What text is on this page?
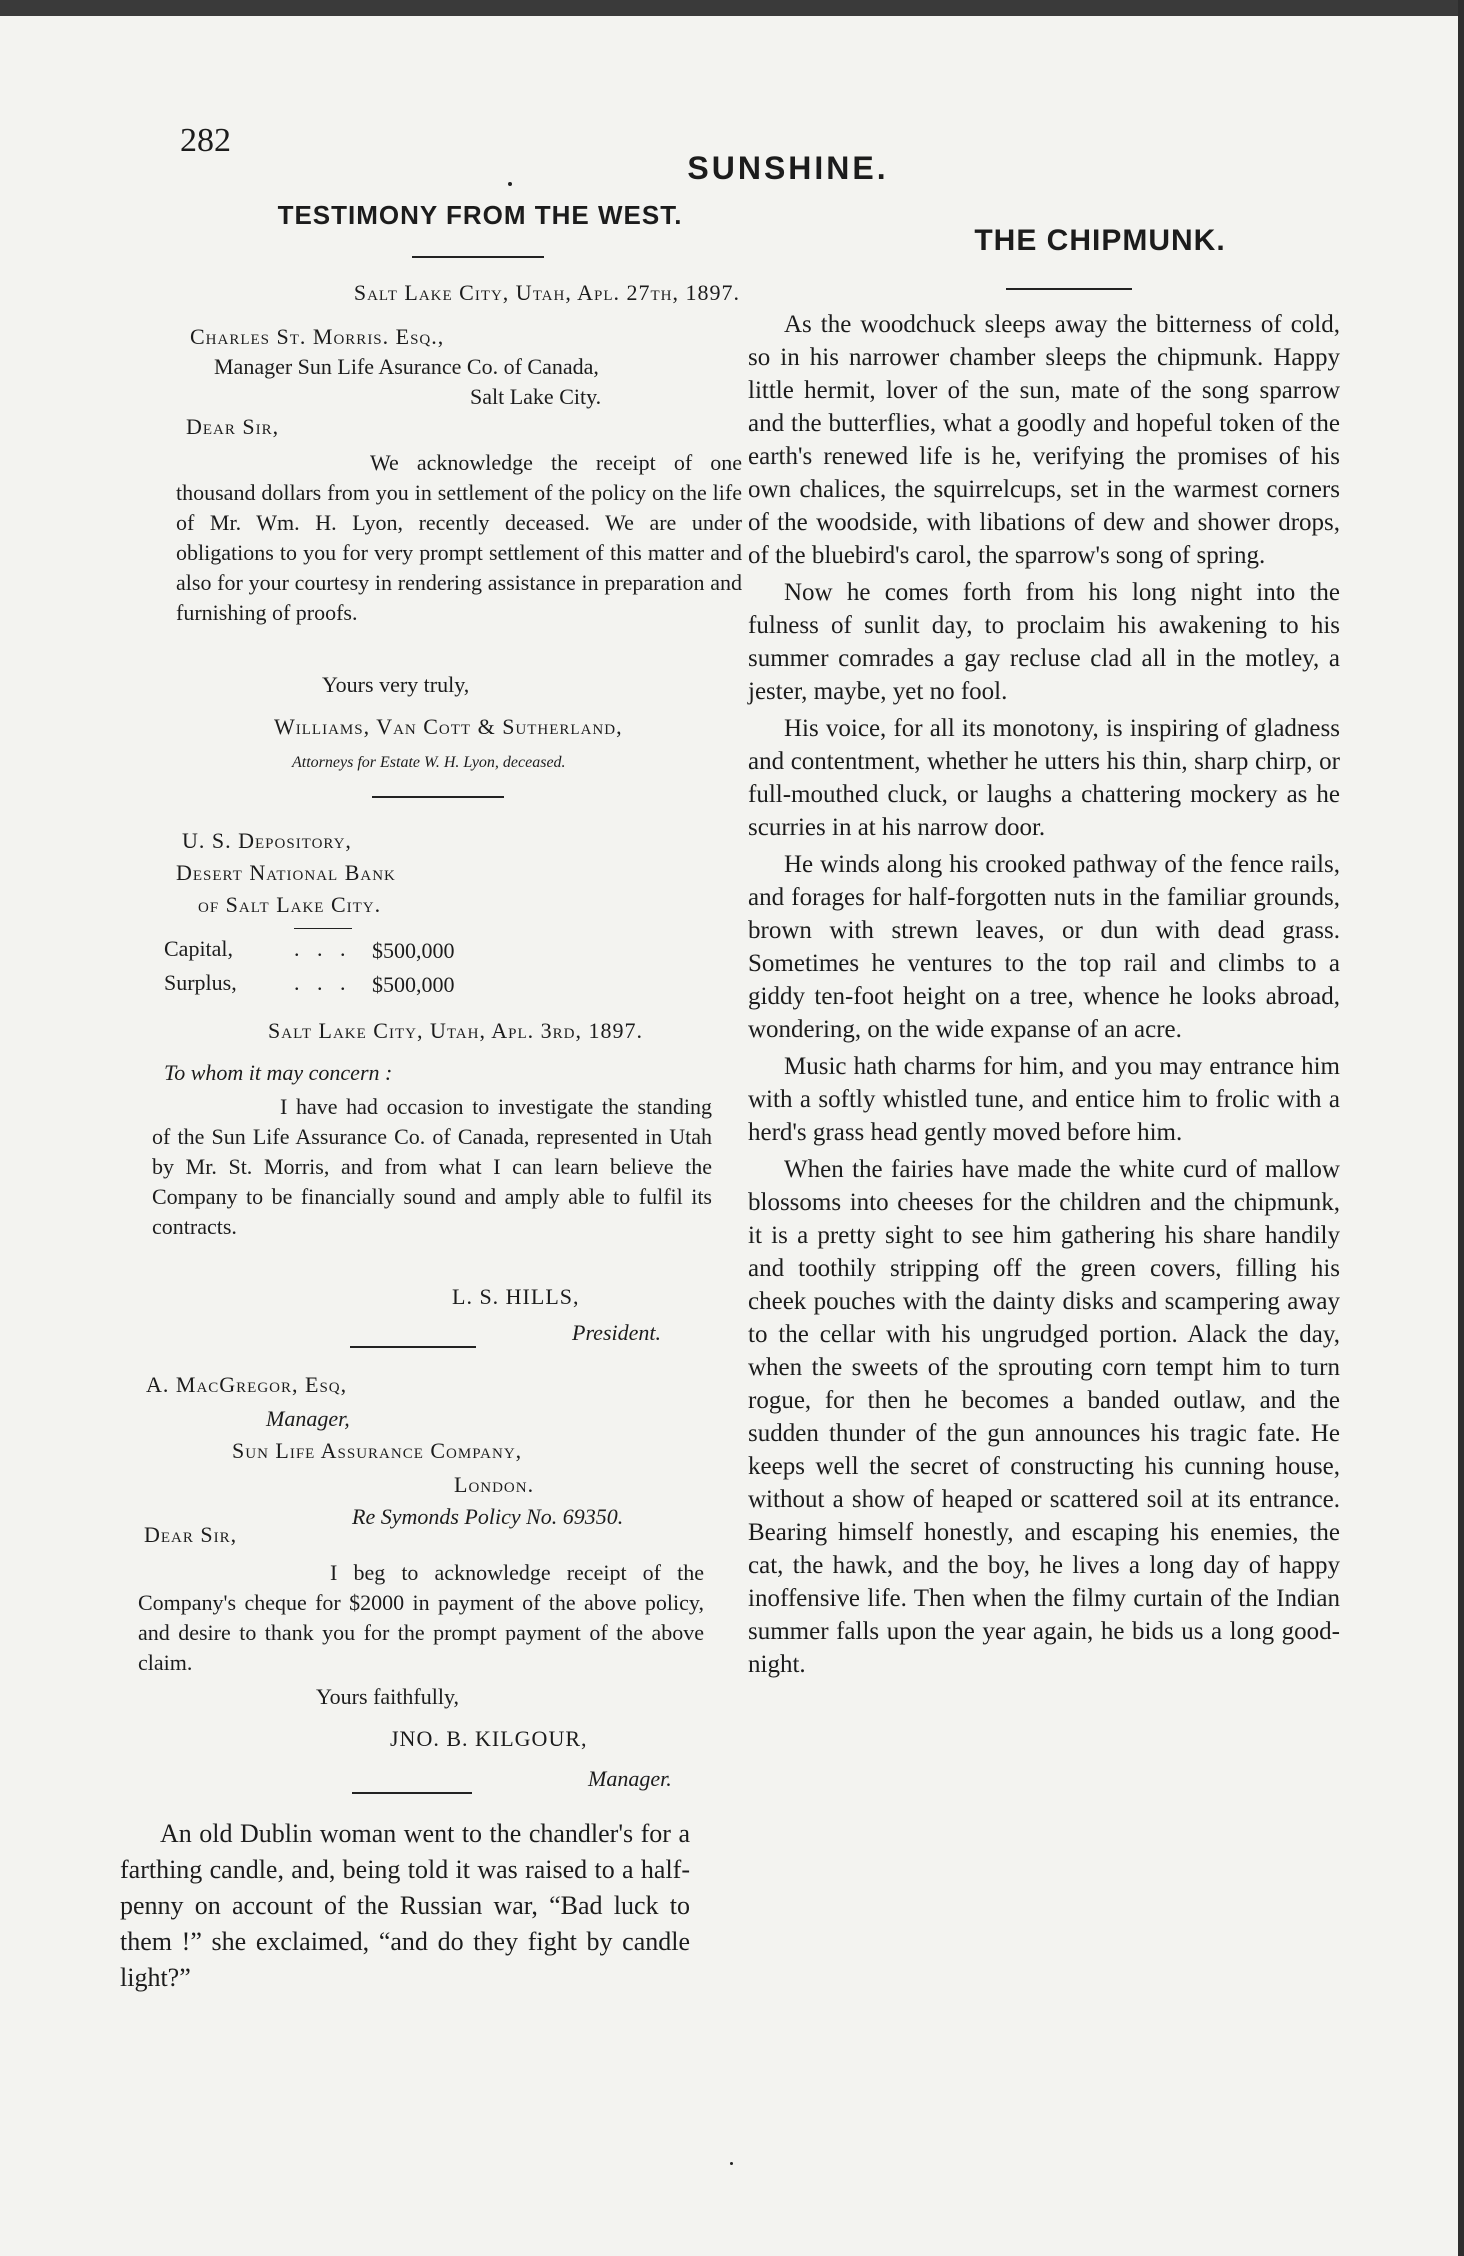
282
SUNSHINE.
TESTIMONY FROM THE WEST.
Salt Lake City, Utah, Apl. 27th, 1897.
Charles St. Morris. Esq.,
Manager Sun Life Asurance Co. of Canada,
Salt Lake City.
Dear Sir,
We acknowledge the receipt of one thousand dollars from you in settlement of the policy on the life of Mr. Wm. H. Lyon, recently deceased. We are under obligations to you for very prompt settlement of this matter and also for your courtesy in rendering assistance in preparation and furnishing of proofs.
Yours very truly,
Williams, Van Cott & Sutherland,
Attorneys for Estate W. H. Lyon, deceased.
U. S. Depository,
Desert National Bank
of Salt Lake City.
Capital,	. . . $500,000
Surplus,	. . . $500,000
Salt Lake City, Utah, Apl. 3rd, 1897.
To whom it may concern :
I have had occasion to investigate the standing of the Sun Life Assurance Co. of Canada, represented in Utah by Mr. St. Morris, and from what I can learn believe the Company to be financially sound and amply able to fulfil its contracts.
L. S. HILLS,
President.
A. MacGregor, Esq,
Manager,
Sun Life Assurance Company,
London.
Re Symonds Policy No. 69350.
Dear Sir,
I beg to acknowledge receipt of the Company's cheque for $2000 in payment of the above policy, and desire to thank you for the prompt payment of the above claim.
Yours faithfully,
JNO. B. KILGOUR,
Manager.
An old Dublin woman went to the chandler's for a farthing candle, and, being told it was raised to a half-penny on account of the Russian war, “Bad luck to them !” she exclaimed, “and do they fight by candle light?”
THE CHIPMUNK.

As the woodchuck sleeps away the bitterness of cold, so in his narrower chamber sleeps the chipmunk. Happy little hermit, lover of the sun, mate of the song sparrow and the butterflies, what a goodly and hopeful token of the earth's renewed life is he, verifying the promises of his own chalices, the squirrelcups, set in the warmest corners of the woodside, with libations of dew and shower drops, of the bluebird's carol, the sparrow's song of spring.

Now he comes forth from his long night into the fulness of sunlit day, to proclaim his awakening to his summer comrades a gay recluse clad all in the motley, a jester, maybe, yet no fool.

His voice, for all its monotony, is inspiring of gladness and contentment, whether he utters his thin, sharp chirp, or full-mouthed cluck, or laughs a chattering mockery as he scurries in at his narrow door.

He winds along his crooked pathway of the fence rails, and forages for half-forgotten nuts in the familiar grounds, brown with strewn leaves, or dun with dead grass. Sometimes he ventures to the top rail and climbs to a giddy ten-foot height on a tree, whence he looks abroad, wondering, on the wide expanse of an acre.

Music hath charms for him, and you may entrance him with a softly whistled tune, and entice him to frolic with a herd's grass head gently moved before him.

When the fairies have made the white curd of mallow blossoms into cheeses for the children and the chipmunk, it is a pretty sight to see him gathering his share handily and toothily stripping off the green covers, filling his cheek pouches with the dainty disks and scampering away to the cellar with his ungrudged portion. Alack the day, when the sweets of the sprouting corn tempt him to turn rogue, for then he becomes a banded outlaw, and the sudden thunder of the gun announces his tragic fate. He keeps well the secret of constructing his cunning house, without a show of heaped or scattered soil at its entrance. Bearing himself honestly, and escaping his enemies, the cat, the hawk, and the boy, he lives a long day of happy inoffensive life. Then when the filmy curtain of the Indian summer falls upon the year again, he bids us a long good-night.
